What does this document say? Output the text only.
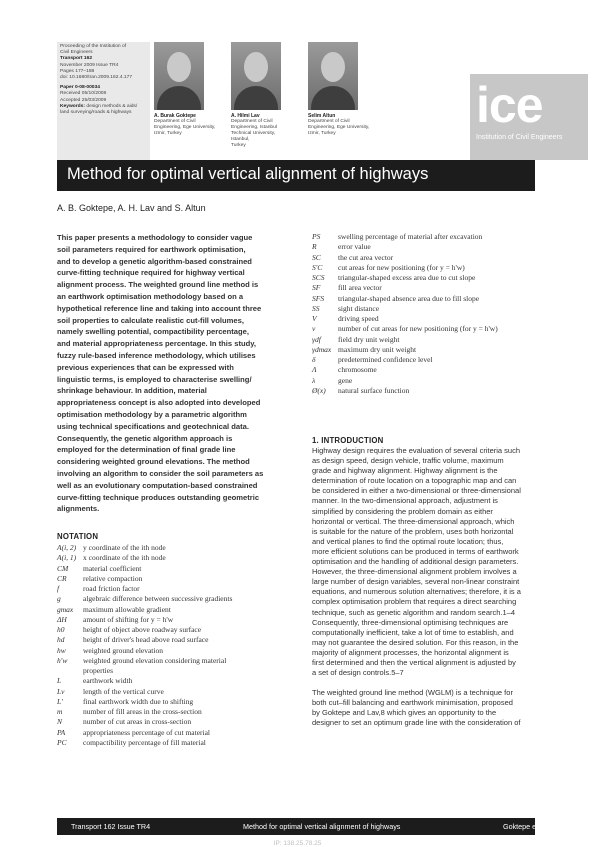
Proceeding of the Institution of
Civil Engineers
Transport 162
November 2009 Issue TR4
Pages 177–188
doi: 10.1680/tran.2009.162.4.177
Paper 0-08-00034
Received 05/10/2008
Accepted 25/03/2009
Keywords: design methods & aids/
land surveying/roads & highways
A. Burak Goktepe
Department of Civil
Engineering, Ege University,
Izmir, Turkey
A. Hilmi Lav
Department of Civil
Engineering, Istanbul
Technical University, Istanbul,
Turkey
Selim Altun
Department of Civil
Engineering, Ege University,
Izmir, Turkey
ice
Institution of Civil Engineers
Method for optimal vertical alignment of highways
A. B. Goktepe, A. H. Lav and S. Altun

This paper presents a methodology to consider vague

soil parameters required for earthwork optimisation,

and to develop a genetic algorithm-based constrained

curve-fitting technique required for highway vertical

alignment process. The weighted ground line method is

an earthwork optimisation methodology based on a

hypothetical reference line and taking into account three

soil properties to calculate realistic cut-fill volumes,

namely swelling potential, compactibility percentage,

and material appropriateness percentage. In this study,

fuzzy rule-based inference methodology, which utilises

previous experiences that can be expressed with

linguistic terms, is employed to characterise swelling/

shrinkage behaviour. In addition, material

appropriateness concept is also adopted into developed

optimisation methodology by a parametric algorithm

using technical specifications and geotechnical data.

Consequently, the genetic algorithm approach is

employed for the determination of final grade line

considering weighted ground elevations. The method

involving an algorithm to consider the soil parameters as

well as an evolutionary computation-based constrained

curve-fitting technique produces outstanding geometric

alignments.

NOTATION
A(i, 2) y coordinate of the ith node
A(i, 1) x coordinate of the ith node
CM material coefficient
CR relative compaction
f	road friction factor
g	algebraic difference between successive gradients
gmax maximum allowable gradient
ΔH amount of shifting for y = h'w
h0 height of object above roadway surface
hd height of driver's head above road surface
hw weighted ground elevation
h'w weighted ground elevation considering material
properties
L	earthwork width
Lv length of the vertical curve
L'	final earthwork width due to shifting
m	number of fill areas in the cross-section
N	number of cut areas in cross-section
PA appropriateness percentage of cut material
PC compactibility percentage of fill material
PS swelling percentage of material after excavation
R	error value
SC the cut area vector
S'C cut areas for new positioning (for y = h'w)
SCS triangular-shaped excess area due to cut slope
SF fill area vector
SFS triangular-shaped absence area due to fill slope
SS sight distance
V	driving speed
v	number of cut areas for new positioning (for y = h'w)
γdf field dry unit weight
γdmax maximum dry unit weight
δ	predetermined confidence level
Λ	chromosome
λ	gene
Ø(x) natural surface function
1. INTRODUCTION

Highway design requires the evaluation of several criteria such

as design speed, design vehicle, traffic volume, maximum

grade and highway alignment. Highway alignment is the

determination of route location on a topographic map and can

be considered in either a two-dimensional or three-dimensional

manner. In the two-dimensional approach, adjustment is

simplified by considering the problem domain as either

horizontal or vertical. The three-dimensional approach, which

is suitable for the nature of the problem, uses both horizontal

and vertical planes to find the optimal route location; thus,

more efficient solutions can be produced in terms of earthwork

optimisation and the handling of additional design parameters.

However, the three-dimensional alignment problem involves a

large number of design variables, several non-linear constraint

equations, and numerous solution alternatives; therefore, it is a

complex optimisation problem that requires a direct searching

technique, such as genetic algorithm and random search.1–4

Consequently, three-dimensional optimising techniques are

computationally inefficient, take a lot of time to establish, and

may not guarantee the desired solution. For this reason, in the

majority of alignment processes, the horizontal alignment is

first determined and then the vertical alignment is adjusted by

a set of design controls.5–7

The weighted ground line method (WGLM) is a technique for

both cut–fill balancing and earthwork minimisation, proposed

by Goktepe and Lav,8 which gives an opportunity to the

designer to set an optimum grade line with the consideration of

Transport 162 Issue TR4	Method for optimal vertical alignment of highways	Goktepe et al. 177
IP: 138.25.78.25
